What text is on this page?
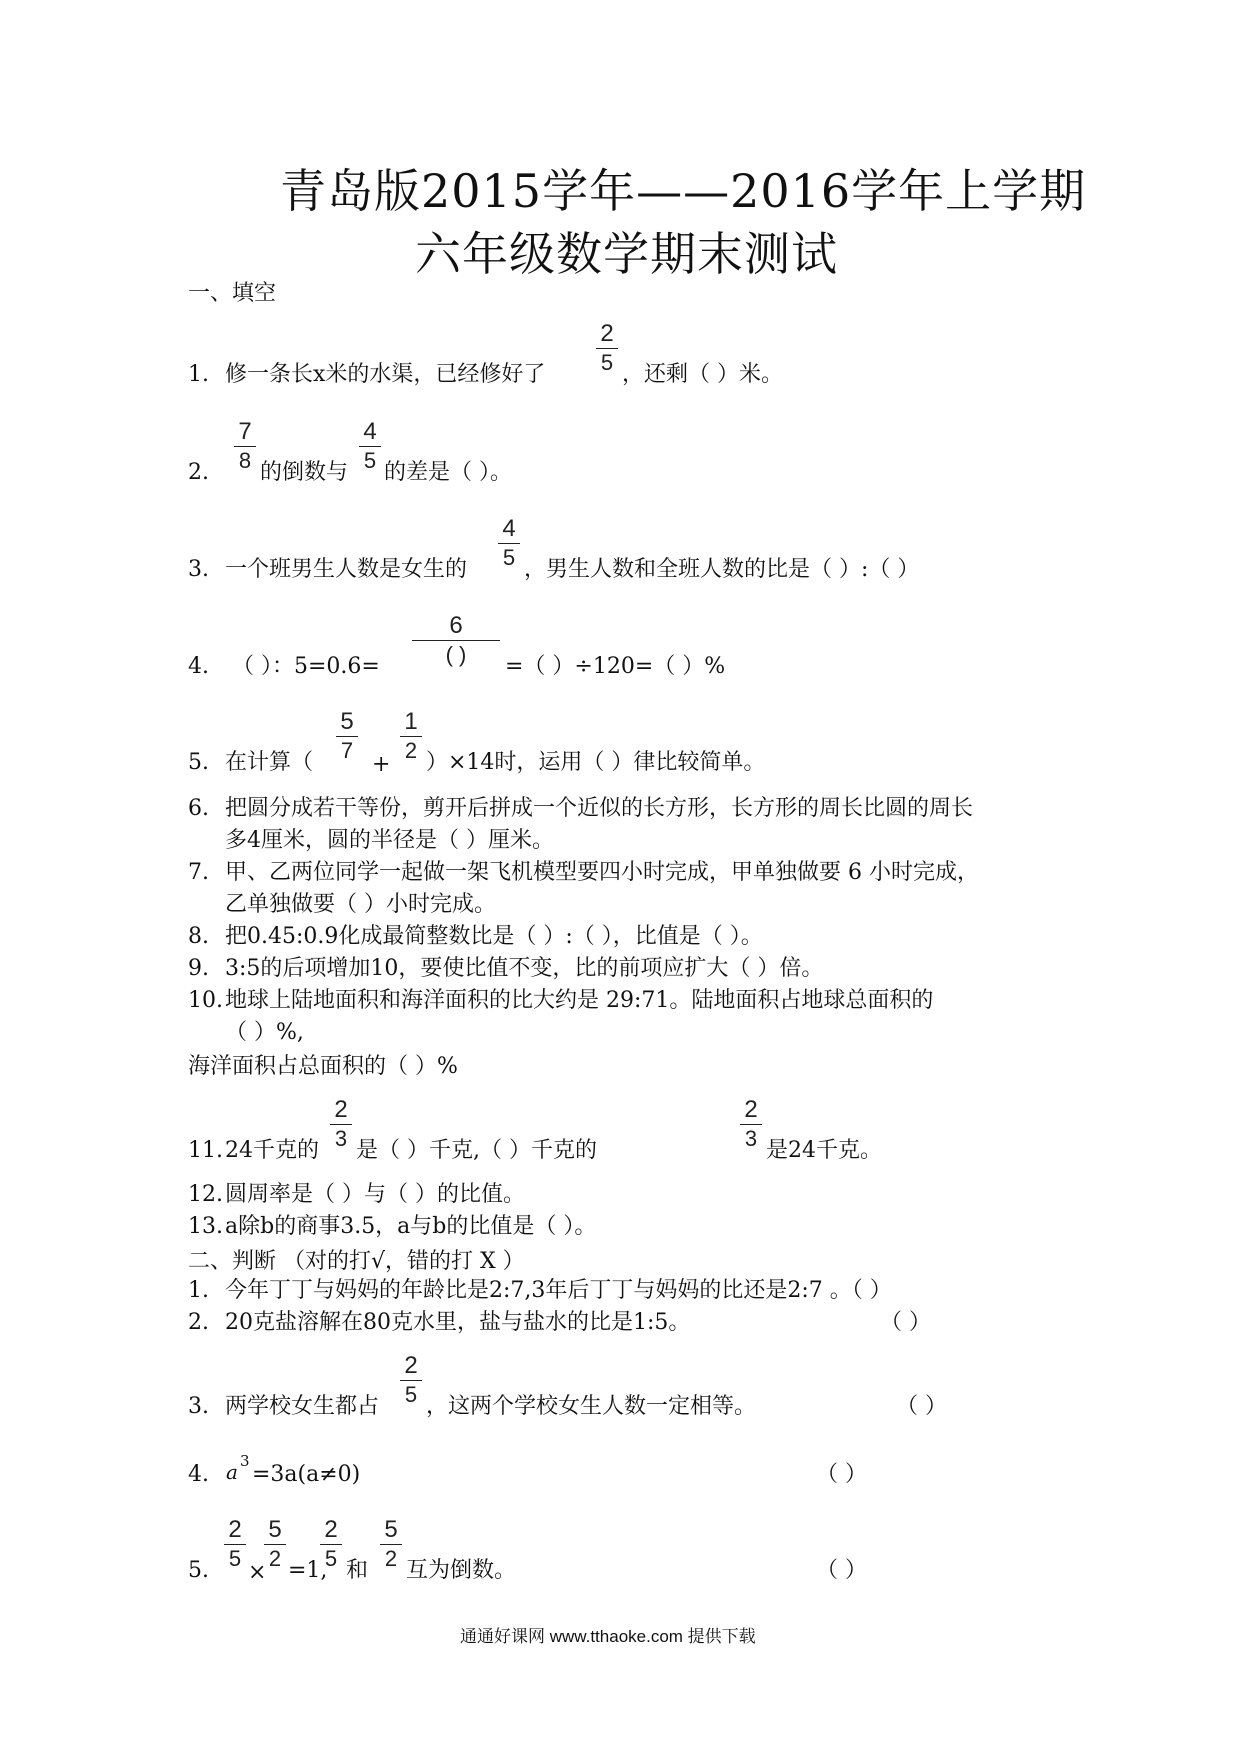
青岛版2015学年——2016学年上学期
六年级数学期末测试
一、填空
1. 修一条长x米的水渠，已经修好了
2
5 ，还剩（ ）米。
2.
7
8 的倒数与
4
5 的差是（ ）。
3. 一个班男生人数是女生的
4
5 ，男生人数和全班人数的比是（ ）:（ ）
4. （ ）：5=0.6=
6
( )	=（ ）÷120=（ ）%
5. 在计算（
5
7
+
1
2 ）×14时，运用（ ）律比较简单。
6. 把圆分成若干等份，剪开后拼成一个近似的长方形，长方形的周长比圆的周长
多4厘米，圆的半径是（ ）厘米。
7. 甲、乙两位同学一起做一架飞机模型要四小时完成，甲单独做要 6 小时完成，
乙单独做要（ ）小时完成。
8. 把0.45:0.9化成最简整数比是（ ）:（ ），比值是（ ）。
9. 3:5的后项增加10，要使比值不变，比的前项应扩大（ ）倍。
10. 地球上陆地面积和海洋面积的比大约是 29:71。陆地面积占地球总面积的
（ ）%,
海洋面积占总面积的（ ）%
11. 24千克的
2
3 是（ ）千克,（ ）千克的
2
3 是24千克。
12. 圆周率是（ ）与（ ）的比值。
13. a除b的商事3.5，a与b的比值是（ ）。
二、判断 （对的打√，错的打 X ）
1. 今年丁丁与妈妈的年龄比是2:7,3年后丁丁与妈妈的比还是2:7 。（ ）
2. 20克盐溶解在80克水里，盐与盐水的比是1:5。	（ ）
3. 两学校女生都占
2
5 ，这两个学校女生人数一定相等。	（ ）
4. a 3
=3a(a≠0)	（ ）
5.
2
5
×
5
2 =1,
2
5 和
5
2 互为倒数。	（ ）
通通好课网 www.tthaoke.com 提供下载
